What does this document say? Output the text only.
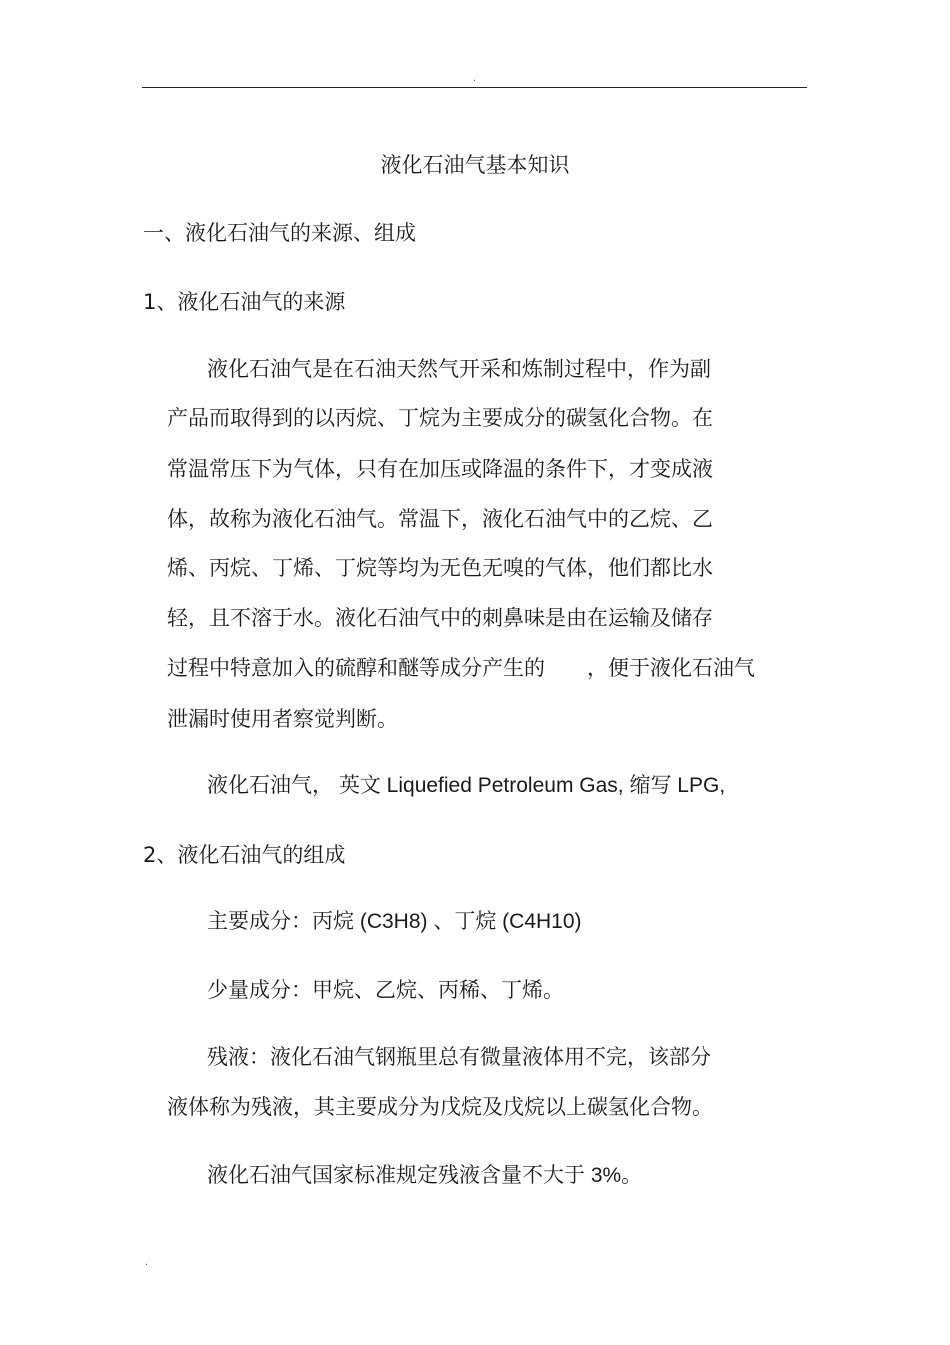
.
液化石油气基本知识
一、液化石油气的来源、组成
1、液化石油气的来源
液化石油气是在石油天然气开采和炼制过程中，作为副
产品而取得到的以丙烷、丁烷为主要成分的碳氢化合物。在
常温常压下为气体，只有在加压或降温的条件下，才变成液
体，故称为液化石油气。常温下，液化石油气中的乙烷、乙
烯、丙烷、丁烯、丁烷等均为无色无嗅的气体，他们都比水
轻，且不溶于水。液化石油气中的刺鼻味是由在运输及储存
过程中特意加入的硫醇和醚等成分产生的　　，便于液化石油气
泄漏时使用者察觉判断。
液化石油气， 英文 Liquefied Petroleum Gas, 缩写 LPG,
2、液化石油气的组成
主要成分：丙烷 (C3H8) 、丁烷 (C4H10)
少量成分：甲烷、乙烷、丙稀、丁烯。
残液：液化石油气钢瓶里总有微量液体用不完，该部分
液体称为残液，其主要成分为戊烷及戊烷以上碳氢化合物。
液化石油气国家标准规定残液含量不大于 3%。
.
